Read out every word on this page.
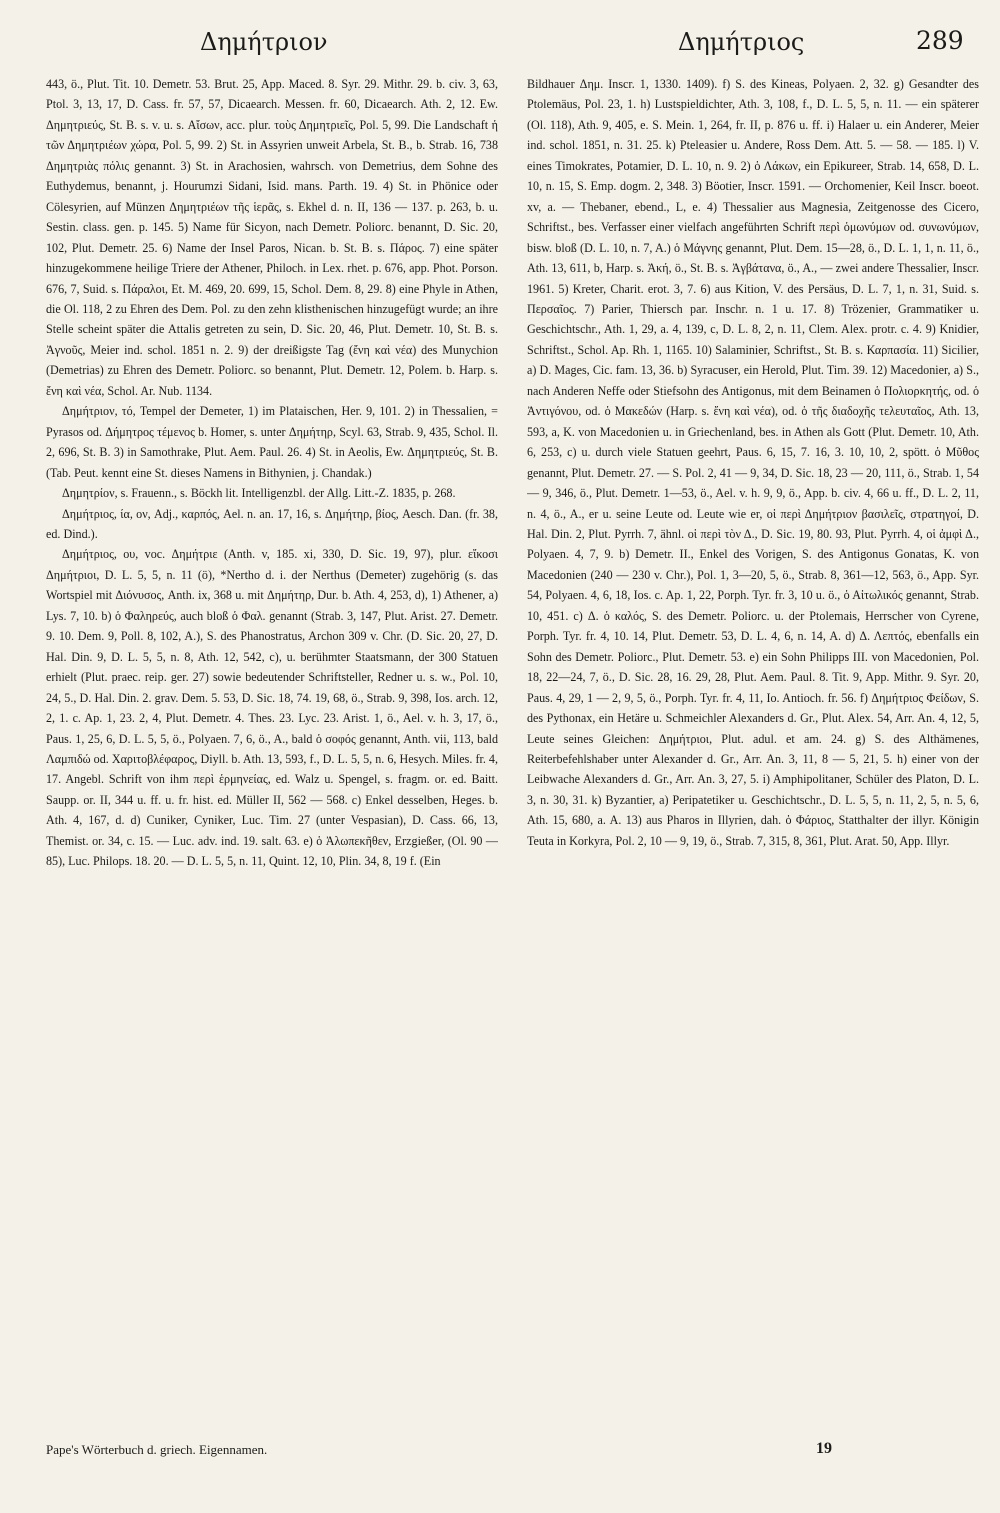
Δημήτριον	Δημήτριος	289

443, ö., Plut. Tit. 10. Demetr. 53. Brut. 25, App. Maced. 8. Syr. 29. Mithr. 29. b. civ. 3, 63, Ptol. 3, 13, 17, D. Cass. fr. 57, 57, Dicaearch. Messen. fr. 60, Dicaearch. Ath. 2, 12. Ew. Δημητριεύς, St. B. s. v. u. s. Αἴσων, acc. plur. τοὺς Δημητριεῖς, Pol. 5, 99. Die Landschaft ἡ τῶν Δημητριέων χώρα, Pol. 5, 99. 2) St. in Assyrien unweit Arbela, St. B., b. Strab. 16, 738 Δημητριὰς πόλις genannt. 3) St. in Arachosien, wahrsch. von Demetrius, dem Sohne des Euthydemus, benannt, j. Hourumzi Sidani, Isid. mans. Parth. 19. 4) St. in Phönice oder Cölesyrien, auf Münzen Δημητριέων τῆς ἱερᾶς, s. Ekhel d. n. II, 136 — 137. p. 263, b. u. Sestin. class. gen. p. 145. 5) Name für Sicyon, nach Demetr. Poliorc. benannt, D. Sic. 20, 102, Plut. Demetr. 25. 6) Name der Insel Paros, Nican. b. St. B. s. Πάρος. 7) eine später hinzugekommene heilige Triere der Athener, Philoch. in Lex. rhet. p. 676, app. Phot. Porson. 676, 7, Suid. s. Πάραλοι, Et. M. 469, 20. 699, 15, Schol. Dem. 8, 29. 8) eine Phyle in Athen, die Ol. 118, 2 zu Ehren des Dem. Pol. zu den zehn klisthenischen hinzugefügt wurde; an ihre Stelle scheint später die Attalis getreten zu sein, D. Sic. 20, 46, Plut. Demetr. 10, St. B. s. Ἀγνοῦς, Meier ind. schol. 1851 n. 2. 9) der dreißigste Tag (ἔνη καὶ νέα) des Munychion (Demetrias) zu Ehren des Demetr. Poliorc. so benannt, Plut. Demetr. 12, Polem. b. Harp. s. ἔνη καὶ νέα, Schol. Ar. Nub. 1134.

Δημήτριον, τό, Tempel der Demeter, 1) im Plataischen, Her. 9, 101. 2) in Thessalien, = Pyrasos od. Δήμητρος τέμενος b. Homer, s. unter Δημήτηρ, Scyl. 63, Strab. 9, 435, Schol. Il. 2, 696, St. B. 3) in Samothrake, Plut. Aem. Paul. 26. 4) St. in Aeolis, Ew. Δημητριεύς, St. B. (Tab. Peut. kennt eine St. dieses Namens in Bithynien, j. Chandak.)

Δημητρίον, s. Frauenn., s. Böckh lit. Intelligenzbl. der Allg. Litt.-Z. 1835, p. 268.

Δημήτριος, ία, ον, Adj., καρπός, Ael. n. an. 17, 16, s. Δημήτηρ, βίος, Aesch. Dan. (fr. 38, ed. Dind.).

Δημήτριος, ου, voc. Δημήτριε (Anth. v, 185. xi, 330, D. Sic. 19, 97), plur. εἴκοσι Δημήτριοι, D. L. 5, 5, n. 11 (ö), *Nertho d. i. der Nerthus (Demeter) zugehörig (s. das Wortspiel mit Διόνυσος, Anth. ix, 368 u. mit Δημήτηρ, Dur. b. Ath. 4, 253, d), 1) Athener, a) Lys. 7, 10. b) ὁ Φαληρεύς, auch bloß ὁ Φαλ. genannt (Strab. 3, 147, Plut. Arist. 27. Demetr. 9. 10. Dem. 9, Poll. 8, 102, A.), S. des Phanostratus, Archon 309 v. Chr. (D. Sic. 20, 27, D. Hal. Din. 9, D. L. 5, 5, n. 8, Ath. 12, 542, c), u. berühmter Staatsmann, der 300 Statuen erhielt (Plut. praec. reip. ger. 27) sowie bedeutender Schriftsteller, Redner u. s. w., Pol. 10, 24, 5., D. Hal. Din. 2. grav. Dem. 5. 53, D. Sic. 18, 74. 19, 68, ö., Strab. 9, 398, Ios. arch. 12, 2, 1. c. Ap. 1, 23. 2, 4, Plut. Demetr. 4. Thes. 23. Lyc. 23. Arist. 1, ö., Ael. v. h. 3, 17, ö., Paus. 1, 25, 6, D. L. 5, 5, ö., Polyaen. 7, 6, ö., A., bald ὁ σοφός genannt, Anth. vii, 113, bald Λαμπιδώ od. Χαριτοβλέφαρος, Diyll. b. Ath. 13, 593, f., D. L. 5, 5, n. 6, Hesych. Miles. fr. 4, 17. Angebl. Schrift von ihm περὶ ἑρμηνείας, ed. Walz u. Spengel, s. fragm. or. ed. Baitt. Saupp. or. II, 344 u. ff. u. fr. hist. ed. Müller II, 562 — 568. c) Enkel desselben, Heges. b. Ath. 4, 167, d. d) Cuniker, Cyniker, Luc. Tim. 27 (unter Vespasian), D. Cass. 66, 13, Themist. or. 34, c. 15. — Luc. adv. ind. 19. salt. 63. e) ὁ Ἀλωπεκῆθεν, Erzgießer, (Ol. 90 — 85), Luc. Philops. 18. 20. — D. L. 5, 5, n. 11, Quint. 12, 10, Plin. 34, 8, 19 f. (Ein

Bildhauer Δημ. Inscr. 1, 1330. 1409). f) S. des Kineas, Polyaen. 2, 32. g) Gesandter des Ptolemäus, Pol. 23, 1. h) Lustspieldichter, Ath. 3, 108, f., D. L. 5, 5, n. 11. — ein späterer (Ol. 118), Ath. 9, 405, e. S. Mein. 1, 264, fr. II, p. 876 u. ff. i) Halaer u. ein Anderer, Meier ind. schol. 1851, n. 31. 25. k) Pteleasier u. Andere, Ross Dem. Att. 5. — 58. — 185. l) V. eines Timokrates, Potamier, D. L. 10, n. 9. 2) ὁ Λάκων, ein Epikureer, Strab. 14, 658, D. L. 10, n. 15, S. Emp. dogm. 2, 348. 3) Böotier, Inscr. 1591. — Orchomenier, Keil Inscr. boeot. xv, a. — Thebaner, ebend., L, e. 4) Thessalier aus Magnesia, Zeitgenosse des Cicero, Schriftst., bes. Verfasser einer vielfach angeführten Schrift περὶ ὁμωνύμων od. συνωνύμων, bisw. bloß (D. L. 10, n. 7, A.) ὁ Μάγνης genannt, Plut. Dem. 15—28, ö., D. L. 1, 1, n. 11, ö., Ath. 13, 611, b, Harp. s. Ἀκή, ö., St. B. s. Ἀγβάτανα, ö., A., — zwei andere Thessalier, Inscr. 1961. 5) Kreter, Charit. erot. 3, 7. 6) aus Kition, V. des Persäus, D. L. 7, 1, n. 31, Suid. s. Περσαῖος. 7) Parier, Thiersch par. Inschr. n. 1 u. 17. 8) Trözenier, Grammatiker u. Geschichtschr., Ath. 1, 29, a. 4, 139, c, D. L. 8, 2, n. 11, Clem. Alex. protr. c. 4. 9) Knidier, Schriftst., Schol. Ap. Rh. 1, 1165. 10) Salaminier, Schriftst., St. B. s. Καρπασία. 11) Sicilier, a) D. Mages, Cic. fam. 13, 36. b) Syracuser, ein Herold, Plut. Tim. 39. 12) Macedonier, a) S., nach Anderen Neffe oder Stiefsohn des Antigonus, mit dem Beinamen ὁ Πολιορκητής, od. ὁ Ἀντιγόνου, od. ὁ Μακεδών (Harp. s. ἔνη καὶ νέα), od. ὁ τῆς διαδοχῆς τελευταῖος, Ath. 13, 593, a, K. von Macedonien u. in Griechenland, bes. in Athen als Gott (Plut. Demetr. 10, Ath. 6, 253, c) u. durch viele Statuen geehrt, Paus. 6, 15, 7. 16, 3. 10, 10, 2, spött. ὁ Μῦθος genannt, Plut. Demetr. 27. — S. Pol. 2, 41 — 9, 34, D. Sic. 18, 23 — 20, 111, ö., Strab. 1, 54 — 9, 346, ö., Plut. Demetr. 1—53, ö., Ael. v. h. 9, 9, ö., App. b. civ. 4, 66 u. ff., D. L. 2, 11, n. 4, ö., A., er u. seine Leute od. Leute wie er, οἱ περὶ Δημήτριον βασιλεῖς, στρατηγοί, D. Hal. Din. 2, Plut. Pyrrh. 7, ähnl. οἱ περὶ τὸν Δ., D. Sic. 19, 80. 93, Plut. Pyrrh. 4, οἱ ἀμφὶ Δ., Polyaen. 4, 7, 9. b) Demetr. II., Enkel des Vorigen, S. des Antigonus Gonatas, K. von Macedonien (240 — 230 v. Chr.), Pol. 1, 3—20, 5, ö., Strab. 8, 361—12, 563, ö., App. Syr. 54, Polyaen. 4, 6, 18, Ios. c. Ap. 1, 22, Porph. Tyr. fr. 3, 10 u. ö., ὁ Αἰτωλικός genannt, Strab. 10, 451. c) Δ. ὁ καλός, S. des Demetr. Poliorc. u. der Ptolemais, Herrscher von Cyrene, Porph. Tyr. fr. 4, 10. 14, Plut. Demetr. 53, D. L. 4, 6, n. 14, A. d) Δ. Λεπτός, ebenfalls ein Sohn des Demetr. Poliorc., Plut. Demetr. 53. e) ein Sohn Philipps III. von Macedonien, Pol. 18, 22—24, 7, ö., D. Sic. 28, 16. 29, 28, Plut. Aem. Paul. 8. Tit. 9, App. Mithr. 9. Syr. 20, Paus. 4, 29, 1 — 2, 9, 5, ö., Porph. Tyr. fr. 4, 11, Io. Antioch. fr. 56. f) Δημήτριος Φείδων, S. des Pythonax, ein Hetäre u. Schmeichler Alexanders d. Gr., Plut. Alex. 54, Arr. An. 4, 12, 5, Leute seines Gleichen: Δημήτριοι, Plut. adul. et am. 24. g) S. des Althämenes, Reiterbefehlshaber unter Alexander d. Gr., Arr. An. 3, 11, 8 — 5, 21, 5. h) einer von der Leibwache Alexanders d. Gr., Arr. An. 3, 27, 5. i) Amphipolitaner, Schüler des Platon, D. L. 3, n. 30, 31. k) Byzantier, a) Peripatetiker u. Geschichtschr., D. L. 5, 5, n. 11, 2, 5, n. 5, 6, Ath. 15, 680, a. A. 13) aus Pharos in Illyrien, dah. ὁ Φάριος, Statthalter der illyr. Königin Teuta in Korkyra, Pol. 2, 10 — 9, 19, ö., Strab. 7, 315, 8, 361, Plut. Arat. 50, App. Illyr.

Pape's Wörterbuch d. griech. Eigennamen.	19
